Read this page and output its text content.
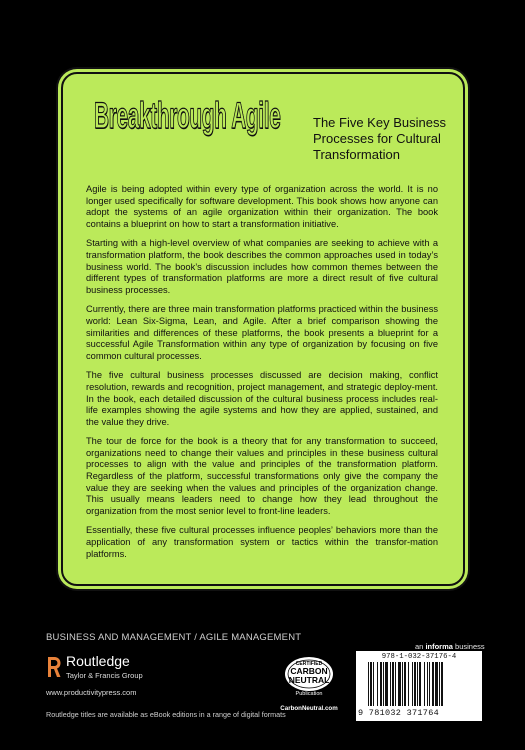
Breakthrough Agile	The Five Key Business Processes for Cultural Transformation

Agile is being adopted within every type of organization across the world. It is no longer used specifically for software development. This book shows how anyone can adopt the systems of an agile organization within their organization. The book contains a blueprint on how to start a transformation initiative.

Starting with a high-level overview of what companies are seeking to achieve with a transformation platform, the book describes the common approaches used in today’s business world. The book’s discussion includes how common themes between the different types of transformation platforms are more a direct result of five cultural business processes.

Currently, there are three main transformation platforms practiced within the business world: Lean Six-Sigma, Lean, and Agile. After a brief comparison showing the similarities and differences of these platforms, the book presents a blueprint for a successful Agile Transformation within any type of organization by focusing on five common cultural processes.

The five cultural business processes discussed are decision making, conflict resolution, rewards and recognition, project management, and strategic deploy-ment. In the book, each detailed discussion of the cultural business process includes real-life examples showing the agile systems and how they are applied, sustained, and the value they drive.

The tour de force for the book is a theory that for any transformation to succeed, organizations need to change their values and principles in these business cultural processes to align with the value and principles of the transformation platform. Regardless of the platform, successful transformations only give the company the value they are seeking when the values and principles of the organization change. This usually means leaders need to change how they lead throughout the organization from the most senior level to front-line leaders.

Essentially, these five cultural processes influence peoples’ behaviors more than the application of any transformation system or tactics within the transfor-mation platforms.

BUSINESS AND MANAGEMENT / AGILE MANAGEMENT
an informa business
Routledge
Taylor & Francis Group
www.productivitypress.com
Routledge titles are available as eBook editions in a range of digital formats
CERTIFIED
CARBON
NEUTRAL
Publication
CarbonNeutral.com
978-1-032-37176-4
9 781032 371764
